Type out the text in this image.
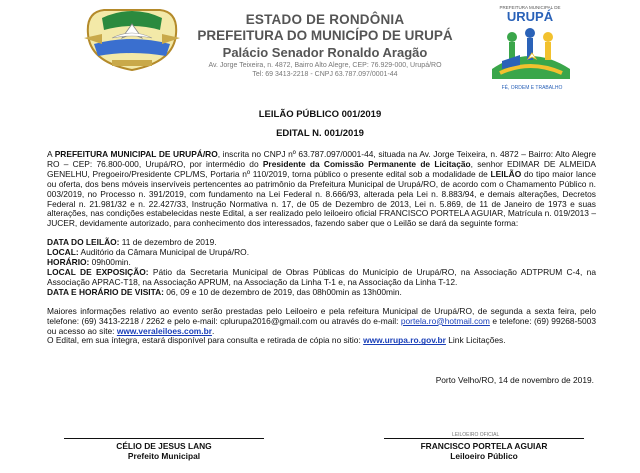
ESTADO DE RONDÔNIA
PREFEITURA DO MUNICÍPO DE URUPÁ
Palácio Senador Ronaldo Aragão
Av. Jorge Teixeira, n. 4872, Bairro Alto Alegre, CEP: 76.929-000, Urupá/RO
Tel: 69 3413-2218 - CNPJ 63.787.097/0001-44
PREFEITURA MUNICIPAL DE
URUPÁ
FÉ, ORDEM E TRABALHO
LEILÃO PÚBLICO 001/2019
EDITAL N. 001/2019

A PREFEITURA MUNICIPAL DE URUPÁ/RO, inscrita no CNPJ nº 63.787.097/0001-44, situada na Av. Jorge Teixeira, n. 4872 – Bairro: Alto Alegre RO – CEP: 76.800-000, Urupá/RO, por intermédio do Presidente da Comissão Permanente de Licitação, senhor EDIMAR DE ALMEIDA GENELHU, Pregoeiro/Presidente CPL/MS, Portaria nº 110/2019, torna público o presente edital sob a modalidade de LEILÃO do tipo maior lance ou oferta, dos bens móveis inservíveis pertencentes ao patrimônio da Prefeitura Municipal de Urupá/RO, de acordo com o Chamamento Público n. 003/2019, no Processo n. 391/2019, com fundamento na Lei Federal n. 8.666/93, alterada pela Lei n. 8.883/94, e demais alterações, Decretos Federal n. 21.981/32 e n. 22.427/33, Instrução Normativa n. 17, de 05 de Dezembro de 2013, Lei n. 5.869, de 11 de Janeiro de 1973 e suas alterações, nas condições estabelecidas neste Edital, a ser realizado pelo leiloeiro oficial FRANCISCO PORTELA AGUIAR, Matrícula n. 019/2013 – JUCER, devidamente autorizado, para conhecimento dos interessados, fazendo saber que o Leilão se dará da seguinte forma:

DATA DO LEILÃO: 11 de dezembro de 2019.

LOCAL: Auditório da Câmara Municipal de Urupá/RO.

HORÁRIO: 09h00min.

LOCAL DE EXPOSIÇÃO: Pátio da Secretaria Municipal de Obras Públicas do Município de Urupá/RO, na Associação ADTPRUM C-4, na Associação APRAC-T18, na Associação APRUM, na Associação da Linha T-1 e, na Associação da Linha T-12.

DATA E HORÁRIO DE VISITA: 06, 09 e 10 de dezembro de 2019, das 08h00min as 13h00min.

Maiores informações relativo ao evento serão prestadas pelo Leiloeiro e pela refeitura Municipal de Urupá/RO, de segunda a sexta feira, pelo telefone: (69) 3413-2218 / 2262 e pelo e-mail: cplurupa2016@gmail.com ou através do e-mail: portela.ro@hotmail.com e telefone: (69) 99268-5003 ou acesso ao site: www.veraleiloes.com.br.

O Edital, em sua íntegra, estará disponível para consulta e retirada de cópia no sitio: www.urupa.ro.gov.br Link Licitações.

Porto Velho/RO, 14 de novembro de 2019.
LEILOEIRO OFICIAL
CÉLIO DE JESUS LANG
Prefeito Municipal
FRANCISCO PORTELA AGUIAR
Leiloeiro Público
